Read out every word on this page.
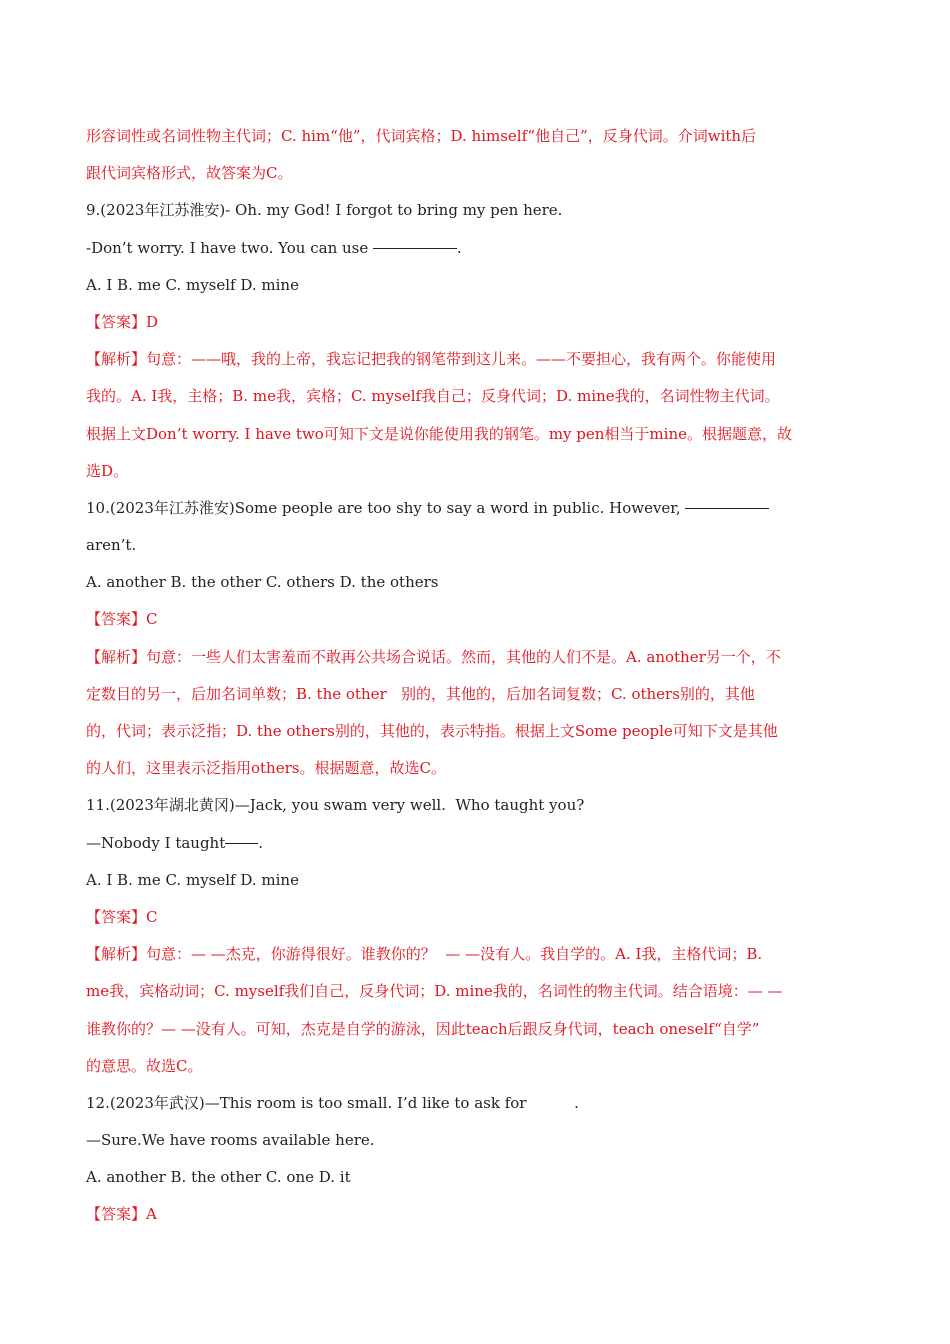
形容词性或名词性物主代词；C. him“他”，代词宾格；D. himself“他自己”，反身代词。介词with后
跟代词宾格形式，故答案为C。
9.(2023年江苏淮安)- Oh. my God! I forgot to bring my pen here.
-Don’t worry. I have two. You can use	.
A. I B. me C. myself D. mine
【答案】D
【解析】句意：——哦，我的上帝，我忘记把我的钢笔带到这儿来。——不要担心，我有两个。你能使用
我的。A. I我，主格；B. me我，宾格；C. myself我自己；反身代词；D. mine我的，名词性物主代词。
根据上文Don’t worry. I have two可知下文是说你能使用我的钢笔。my pen相当于mine。根据题意，故
选D。
10.(2023年江苏淮安)Some people are too shy to say a word in public. However,
aren’t.
A. another B. the other C. others D. the others
【答案】C
【解析】句意：一些人们太害羞而不敢再公共场合说话。然而，其他的人们不是。A. another另一个，不
定数目的另一，后加名词单数；B. the other   别的，其他的，后加名词复数；C. others别的，其他
的，代词；表示泛指；D. the others别的，其他的，表示特指。根据上文Some people可知下文是其他
的人们，这里表示泛指用others。根据题意，故选C。
11.(2023年湖北黄冈)—Jack, you swam very well.  Who taught you?
—Nobody I taught .
A. I B. me C. myself D. mine
【答案】C
【解析】句意：— —杰克，你游得很好。谁教你的？  — —没有人。我自学的。A. I我，主格代词；B.
me我，宾格动词；C. myself我们自己，反身代词；D. mine我的，名词性的物主代词。结合语境：— —
谁教你的？— —没有人。可知，杰克是自学的游泳，因此teach后跟反身代词，teach oneself“自学”
的意思。故选C。
12.(2023年武汉)—This room is too small. I’d like to ask for          .
—Sure.We have rooms available here.
A. another B. the other C. one D. it
【答案】A
